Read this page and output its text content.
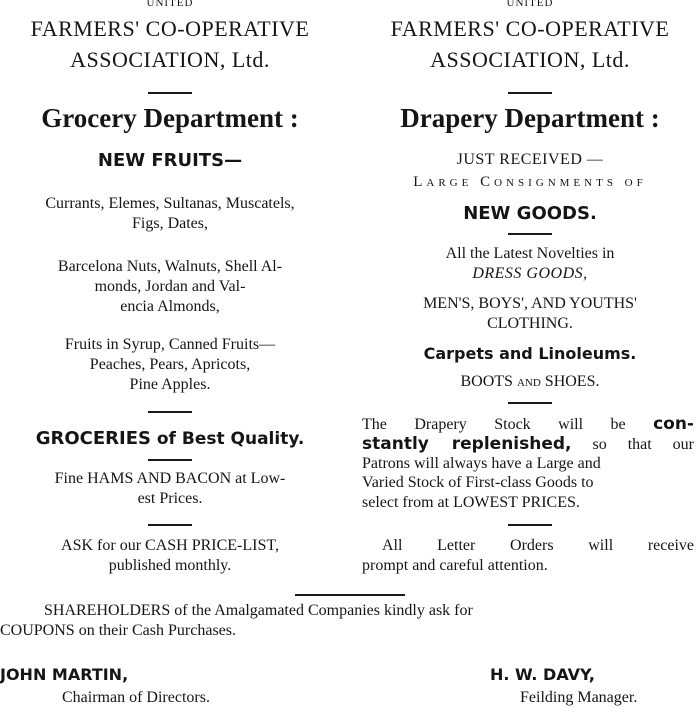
UNITED
FARMERS' CO-OPERATIVE
ASSOCIATION, Ltd.
Grocery Department :
NEW FRUITS—
Currants, Elemes, Sultanas, Muscatels,
Figs, Dates,
Barcelona Nuts, Walnuts, Shell Al-
monds, Jordan and Val-
encia Almonds,
Fruits in Syrup, Canned Fruits—
Peaches, Pears, Apricots,
Pine Apples.
GROCERIES of Best Quality.
Fine HAMS AND BACON at Low-
est Prices.
ASK for our CASH PRICE-LIST,
published monthly.
UNITED
FARMERS' CO-OPERATIVE
ASSOCIATION, Ltd.
Drapery Department :
JUST RECEIVED —
Large Consignments of
NEW GOODS.
All the Latest Novelties in
DRESS GOODS,
MEN'S, BOYS', AND YOUTHS'
CLOTHING.
Carpets and Linoleums.
BOOTS and SHOES.
The Drapery Stock will be con-
stantly replenished, so that our
Patrons will always have a Large and
Varied Stock of First-class Goods to
select from at LOWEST PRICES.
All Letter Orders will receive
prompt and careful attention.
SHAREHOLDERS of the Amalgamated Companies kindly ask for
COUPONS on their Cash Purchases.
JOHN MARTIN,
Chairman of Directors.
H. W. DAVY,
Feilding Manager.
